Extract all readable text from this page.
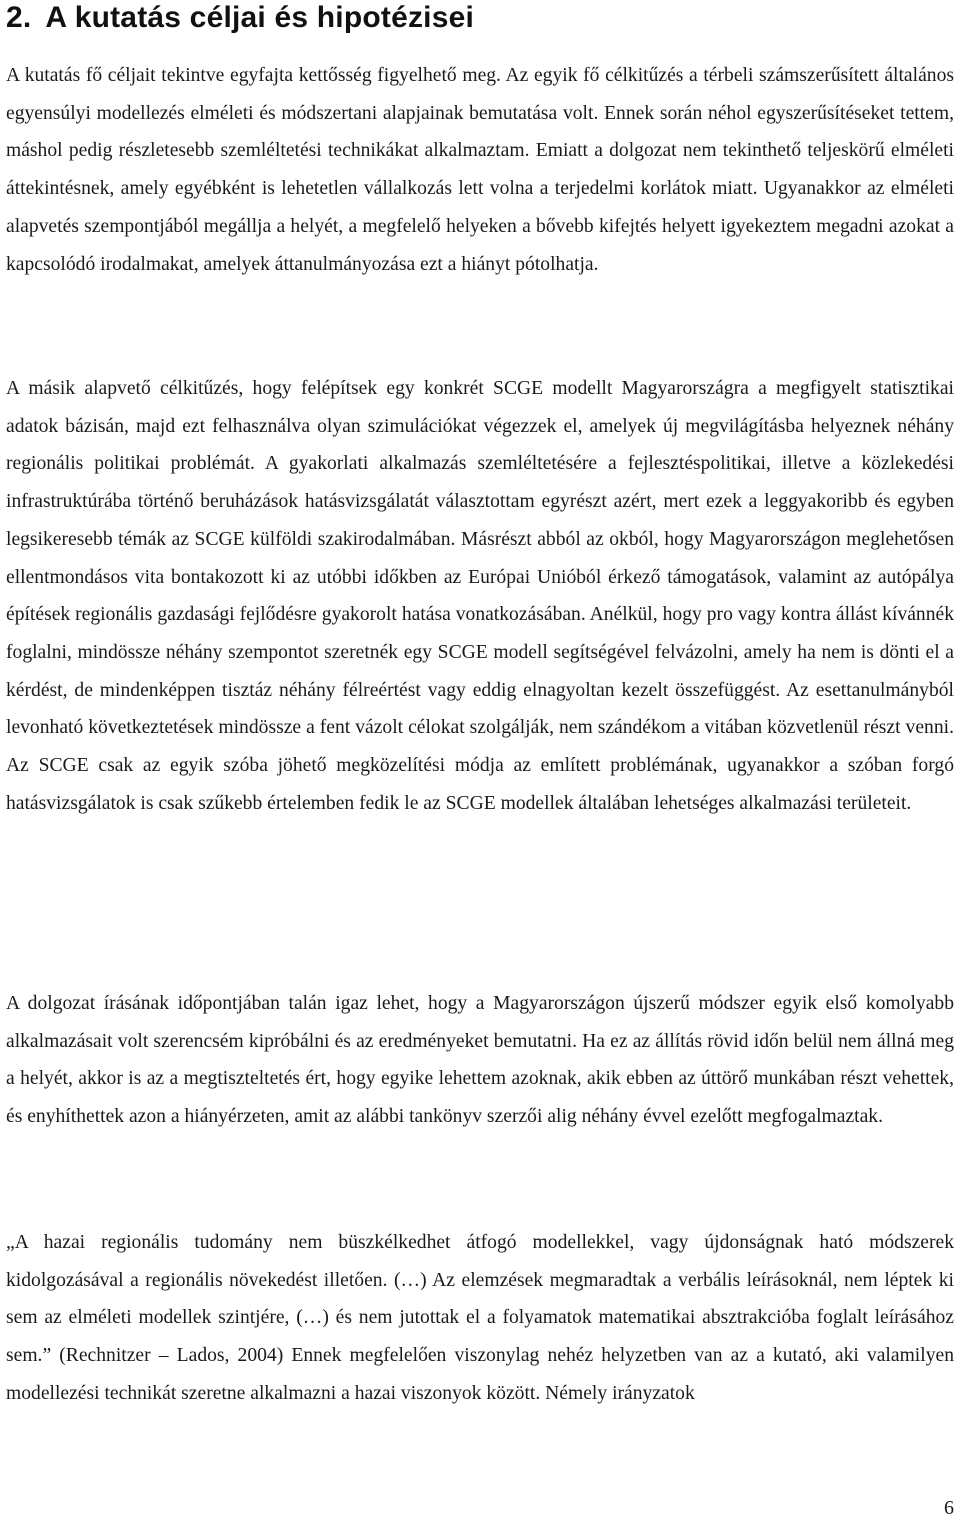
2. A kutatás céljai és hipotézisei

A kutatás fő céljait tekintve egyfajta kettősség figyelhető meg. Az egyik fő célkitűzés a térbeli számszerűsített általános egyensúlyi modellezés elméleti és módszertani alapjainak bemutatása volt. Ennek során néhol egyszerűsítéseket tettem, máshol pedig részletesebb szemléltetési technikákat alkalmaztam. Emiatt a dolgozat nem tekinthető teljeskörű elméleti áttekintésnek, amely egyébként is lehetetlen vállalkozás lett volna a terjedelmi korlátok miatt. Ugyanakkor az elméleti alapvetés szempontjából megállja a helyét, a megfelelő helyeken a bővebb kifejtés helyett igyekeztem megadni azokat a kapcsolódó irodalmakat, amelyek áttanulmányozása ezt a hiányt pótolhatja.

A másik alapvető célkitűzés, hogy felépítsek egy konkrét SCGE modellt Magyarországra a megfigyelt statisztikai adatok bázisán, majd ezt felhasználva olyan szimulációkat végezzek el, amelyek új megvilágításba helyeznek néhány regionális politikai problémát. A gyakorlati alkalmazás szemléltetésére a fejlesztéspolitikai, illetve a közlekedési infrastruktúrába történő beruházások hatásvizsgálatát választottam egyrészt azért, mert ezek a leggyakoribb és egyben legsikeresebb témák az SCGE külföldi szakirodalmában. Másrészt abból az okból, hogy Magyarországon meglehetősen ellentmondásos vita bontakozott ki az utóbbi időkben az Európai Unióból érkező támogatások, valamint az autópálya építések regionális gazdasági fejlődésre gyakorolt hatása vonatkozásában. Anélkül, hogy pro vagy kontra állást kívánnék foglalni, mindössze néhány szempontot szeretnék egy SCGE modell segítségével felvázolni, amely ha nem is dönti el a kérdést, de mindenképpen tisztáz néhány félreértést vagy eddig elnagyoltan kezelt összefüggést. Az esettanulmányból levonható következtetések mindössze a fent vázolt célokat szolgálják, nem szándékom a vitában közvetlenül részt venni. Az SCGE csak az egyik szóba jöhető megközelítési módja az említett problémának, ugyanakkor a szóban forgó hatásvizsgálatok is csak szűkebb értelemben fedik le az SCGE modellek általában lehetséges alkalmazási területeit.

A dolgozat írásának időpontjában talán igaz lehet, hogy a Magyarországon újszerű módszer egyik első komolyabb alkalmazásait volt szerencsém kipróbálni és az eredményeket bemutatni. Ha ez az állítás rövid időn belül nem állná meg a helyét, akkor is az a megtiszteltetés ért, hogy egyike lehettem azoknak, akik ebben az úttörő munkában részt vehettek, és enyhíthettek azon a hiányérzeten, amit az alábbi tankönyv szerzői alig néhány évvel ezelőtt megfogalmaztak.

„A hazai regionális tudomány nem büszkélkedhet átfogó modellekkel, vagy újdonságnak ható módszerek kidolgozásával a regionális növekedést illetően. (…) Az elemzések megmaradtak a verbális leírásoknál, nem léptek ki sem az elméleti modellek szintjére, (…) és nem jutottak el a folyamatok matematikai absztrakcióba foglalt leírásához sem.” (Rechnitzer – Lados, 2004) Ennek megfelelően viszonylag nehéz helyzetben van az a kutató, aki valamilyen modellezési technikát szeretne alkalmazni a hazai viszonyok között. Némely irányzatok

6
